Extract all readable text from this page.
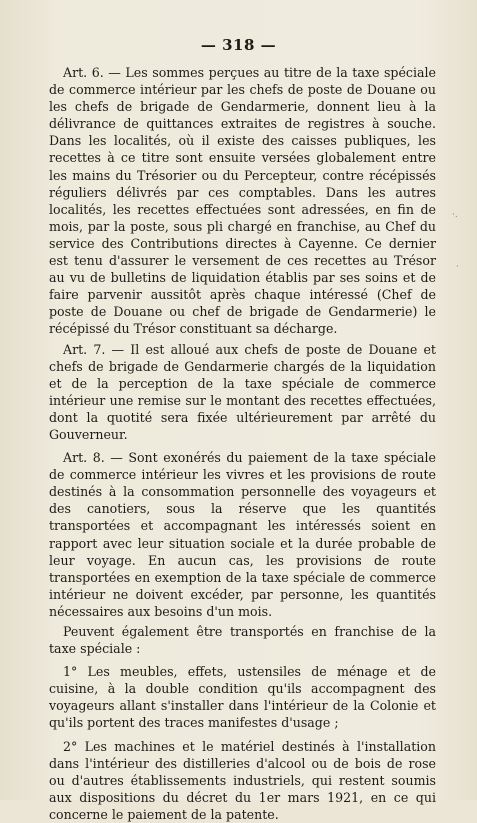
— 318 —

Art. 6. — Les sommes perçues au titre de la taxe spéciale de commerce intérieur par les chefs de poste de Douane ou les chefs de brigade de Gendarmerie, donnent lieu à la délivrance de quittances extraites de registres à souche. Dans les localités, où il existe des caisses publiques, les recettes à ce titre sont ensuite versées globalement entre les mains du Trésorier ou du Percepteur, contre récépissés réguliers délivrés par ces comptables. Dans les autres localités, les recettes effectuées sont adressées, en fin de mois, par la poste, sous pli chargé en franchise, au Chef du service des Contributions directes à Cayenne. Ce dernier est tenu d'assurer le versement de ces recettes au Trésor au vu de bulletins de liquidation établis par ses soins et de faire parvenir aussitôt après chaque intéressé (Chef de poste de Douane ou chef de brigade de Gendarmerie) le récépissé du Trésor constituant sa décharge.

Art. 7. — Il est alloué aux chefs de poste de Douane et chefs de brigade de Gendarmerie chargés de la liquidation et de la perception de la taxe spéciale de commerce intérieur une remise sur le montant des recettes effectuées, dont la quotité sera fixée ultérieurement par arrêté du Gouverneur.

Art. 8. — Sont exonérés du paiement de la taxe spéciale de commerce intérieur les vivres et les provisions de route destinés à la consommation personnelle des voyageurs et des canotiers, sous la réserve que les quantités transportées et accompagnant les intéressés soient en rapport avec leur situation sociale et la durée probable de leur voyage. En aucun cas, les provisions de route transportées en exemption de la taxe spéciale de commerce intérieur ne doivent excéder, par personne, les quantités nécessaires aux besoins d'un mois.

Peuvent également être transportés en franchise de la taxe spéciale :

1° Les meubles, effets, ustensiles de ménage et de cuisine, à la double condition qu'ils accompagnent des voyageurs allant s'installer dans l'intérieur de la Colonie et qu'ils portent des traces manifestes d'usage ;

2° Les machines et le matériel destinés à l'installation dans l'intérieur des distilleries d'alcool ou de bois de rose ou d'autres établissements industriels, qui restent soumis aux dispositions du décret du 1er mars 1921, en ce qui concerne le paiement de la patente.

·.
·
